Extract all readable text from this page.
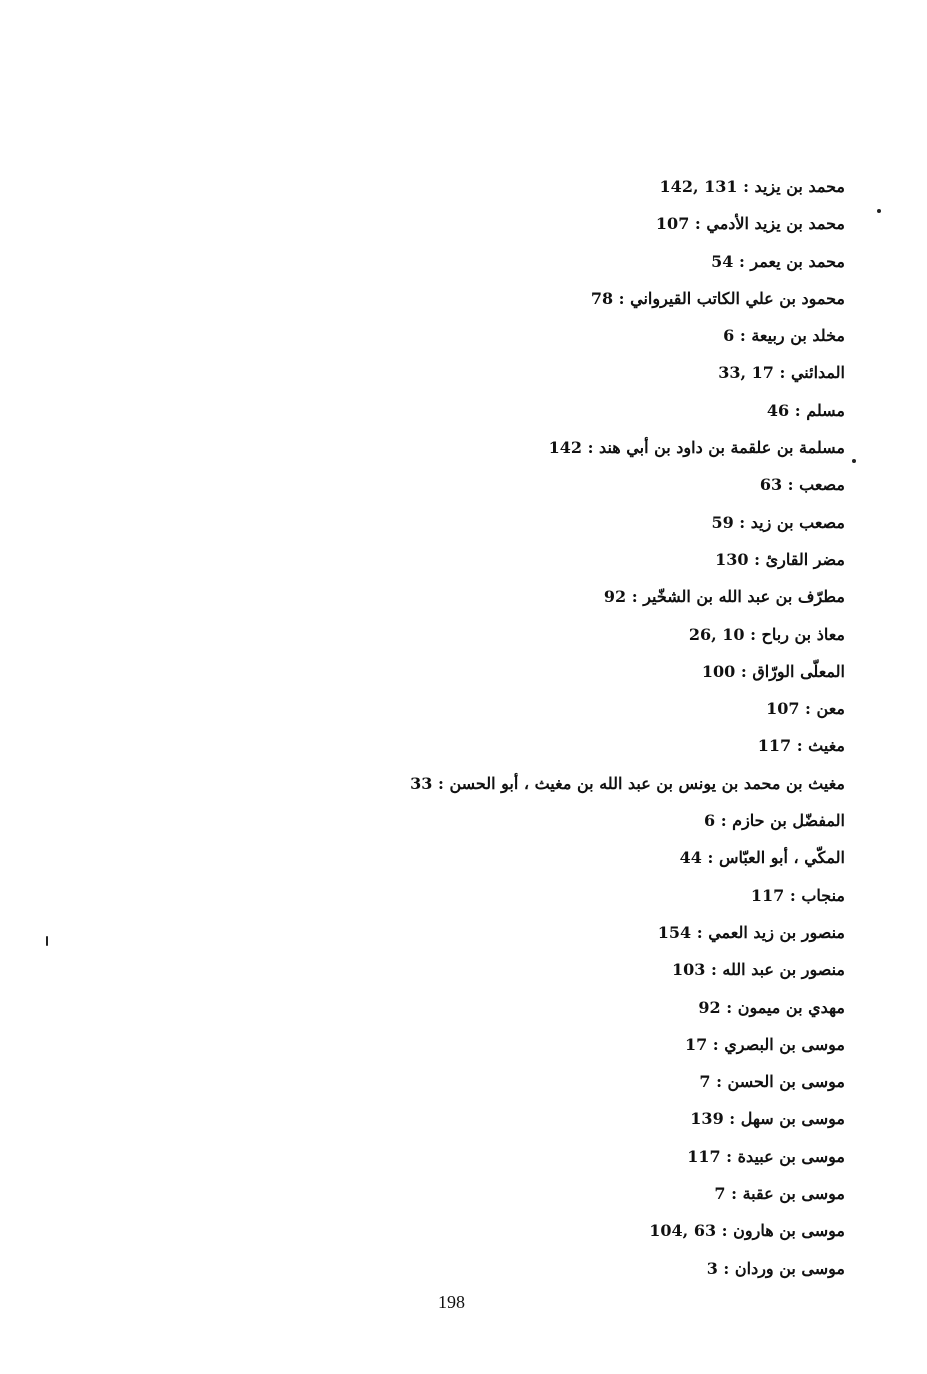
محمد بن يزيد : 131 ,142
محمد بن يزيد الأدمي : 107
محمد بن يعمر : 54
محمود بن علي الكاتب القيرواني : 78
مخلد بن ربيعة : 6
المدائني : 17 ,33
مسلم : 46
مسلمة بن علقمة بن داود بن أبي هند : 142
مصعب : 63
مصعب بن زيد : 59
مضر القارئ : 130
مطرّف بن عبد الله بن الشخّير : 92
معاذ بن رباح : 10 ,26
المعلّى الورّاق : 100
معن : 107
مغيث : 117
مغيث بن محمد بن يونس بن عبد الله بن مغيث ، أبو الحسن : 33
المفضّل بن حازم : 6
المكّي ، أبو العبّاس : 44
منجاب : 117
منصور بن زيد العمي : 154
منصور بن عبد الله : 103
مهدي بن ميمون : 92
موسى بن البصري : 17
موسى بن الحسن : 7
موسى بن سهل : 139
موسى بن عبيدة : 117
موسى بن عقبة : 7
موسى بن هارون : 63 ,104
موسى بن وردان : 3
198
